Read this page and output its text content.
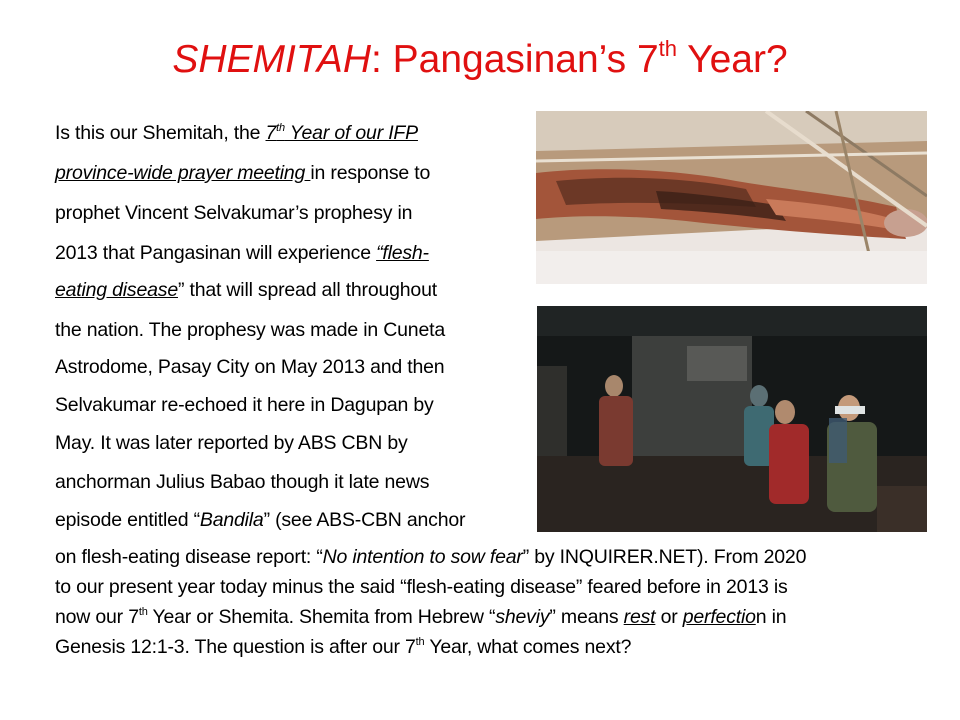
SHEMITAH: Pangasinan’s 7th Year?
Is this our Shemitah, the 7th Year of our IFP
province-wide prayer meeting in response to
prophet Vincent Selvakumar’s prophesy in
2013 that Pangasinan will experience “flesh-
eating disease” that will spread all throughout
the nation. The prophesy was made in Cuneta
Astrodome, Pasay City on May 2013 and then
Selvakumar re-echoed it here in Dagupan by
May. It was later reported by ABS CBN by
anchorman Julius Babao though it late news
episode entitled “Bandila” (see ABS-CBN anchor
on flesh-eating disease report: “No intention to sow fear” by INQUIRER.NET). From 2020
to our present year today minus the said “flesh-eating disease” feared before in 2013 is
now our 7th Year or Shemita. Shemita from Hebrew “sheviy” means rest or perfection in
Genesis 12:1-3. The question is after our 7th Year, what comes next?
